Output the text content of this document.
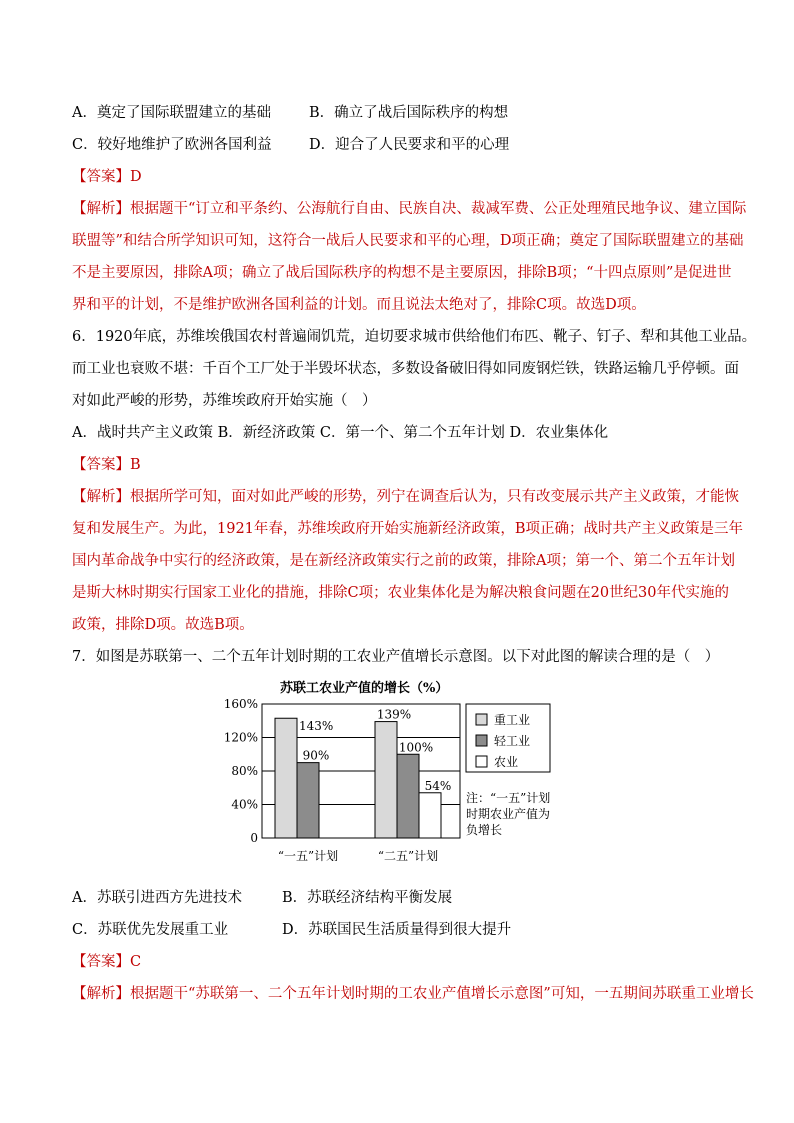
A．奠定了国际联盟建立的基础	B．确立了战后国际秩序的构想
C．较好地维护了欧洲各国利益	D．迎合了人民要求和平的心理
【答案】D
【解析】根据题干“订立和平条约、公海航行自由、民族自决、裁减军费、公正处理殖民地争议、建立国际
联盟等”和结合所学知识可知，这符合一战后人民要求和平的心理，D项正确；奠定了国际联盟建立的基础
不是主要原因，排除A项；确立了战后国际秩序的构想不是主要原因，排除B项；“十四点原则”是促进世
界和平的计划，不是维护欧洲各国利益的计划。而且说法太绝对了，排除C项。故选D项。
6．1920年底，苏维埃俄国农村普遍闹饥荒，迫切要求城市供给他们布匹、靴子、钉子、犁和其他工业品。
而工业也衰败不堪：千百个工厂处于半毁坏状态，多数设备破旧得如同废钢烂铁，铁路运输几乎停顿。面
对如此严峻的形势，苏维埃政府开始实施（　）
A．战时共产主义政策 B．新经济政策 C．第一个、第二个五年计划 D．农业集体化
【答案】B
【解析】根据所学可知，面对如此严峻的形势，列宁在调查后认为，只有改变展示共产主义政策，才能恢
复和发展生产。为此，1921年春，苏维埃政府开始实施新经济政策，B项正确；战时共产主义政策是三年
国内革命战争中实行的经济政策，是在新经济政策实行之前的政策，排除A项；第一个、第二个五年计划
是斯大林时期实行国家工业化的措施，排除C项；农业集体化是为解决粮食问题在20世纪30年代实施的
政策，排除D项。故选B项。
7．如图是苏联第一、二个五年计划时期的工农业产值增长示意图。以下对此图的解读合理的是（　）
苏联工农业产值的增长（%）
0
40%
80%
120%
160%
143%
90%
“一五”计划
139%
100%
54%
“二五”计划
重工业
轻工业
农业
注：“一五”计划
时期农业产值为
负增长
A．苏联引进西方先进技术	B．苏联经济结构平衡发展
C．苏联优先发展重工业	D．苏联国民生活质量得到很大提升
【答案】C
【解析】根据题干“苏联第一、二个五年计划时期的工农业产值增长示意图”可知，一五期间苏联重工业增长
